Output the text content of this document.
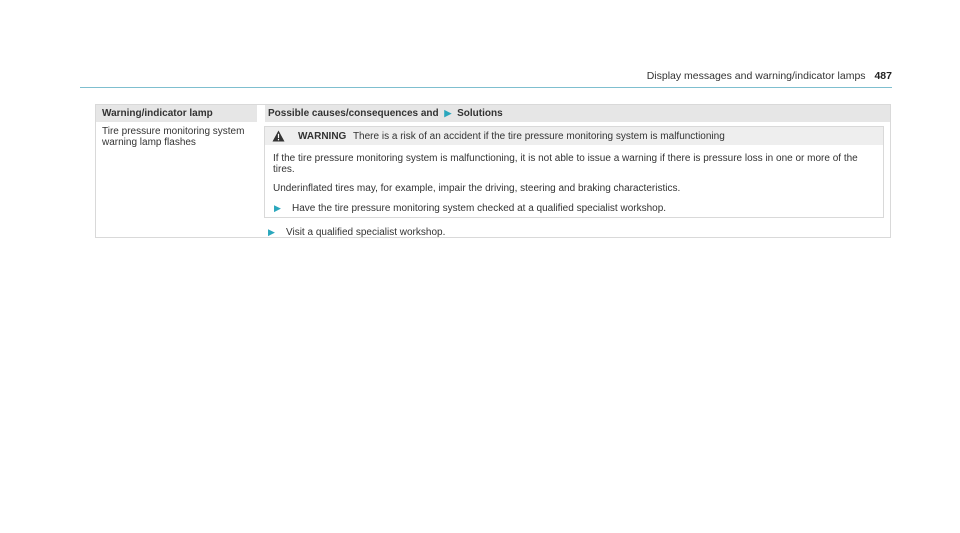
Display messages and warning/indicator lamps 487
Warning/indicator lamp	Possible causes/consequences and ▶ Solutions
Tire pressure monitoring system warning lamp flashes
WARNING There is a risk of an accident if the tire pressure monitoring system is malfunctioning
If the tire pressure monitoring system is malfunctioning, it is not able to issue a warning if there is pressure loss in one or more of the tires.
Underinflated tires may, for example, impair the driving, steering and braking characteristics.
▶ Have the tire pressure monitoring system checked at a qualified specialist workshop.
▶ Visit a qualified specialist workshop.
